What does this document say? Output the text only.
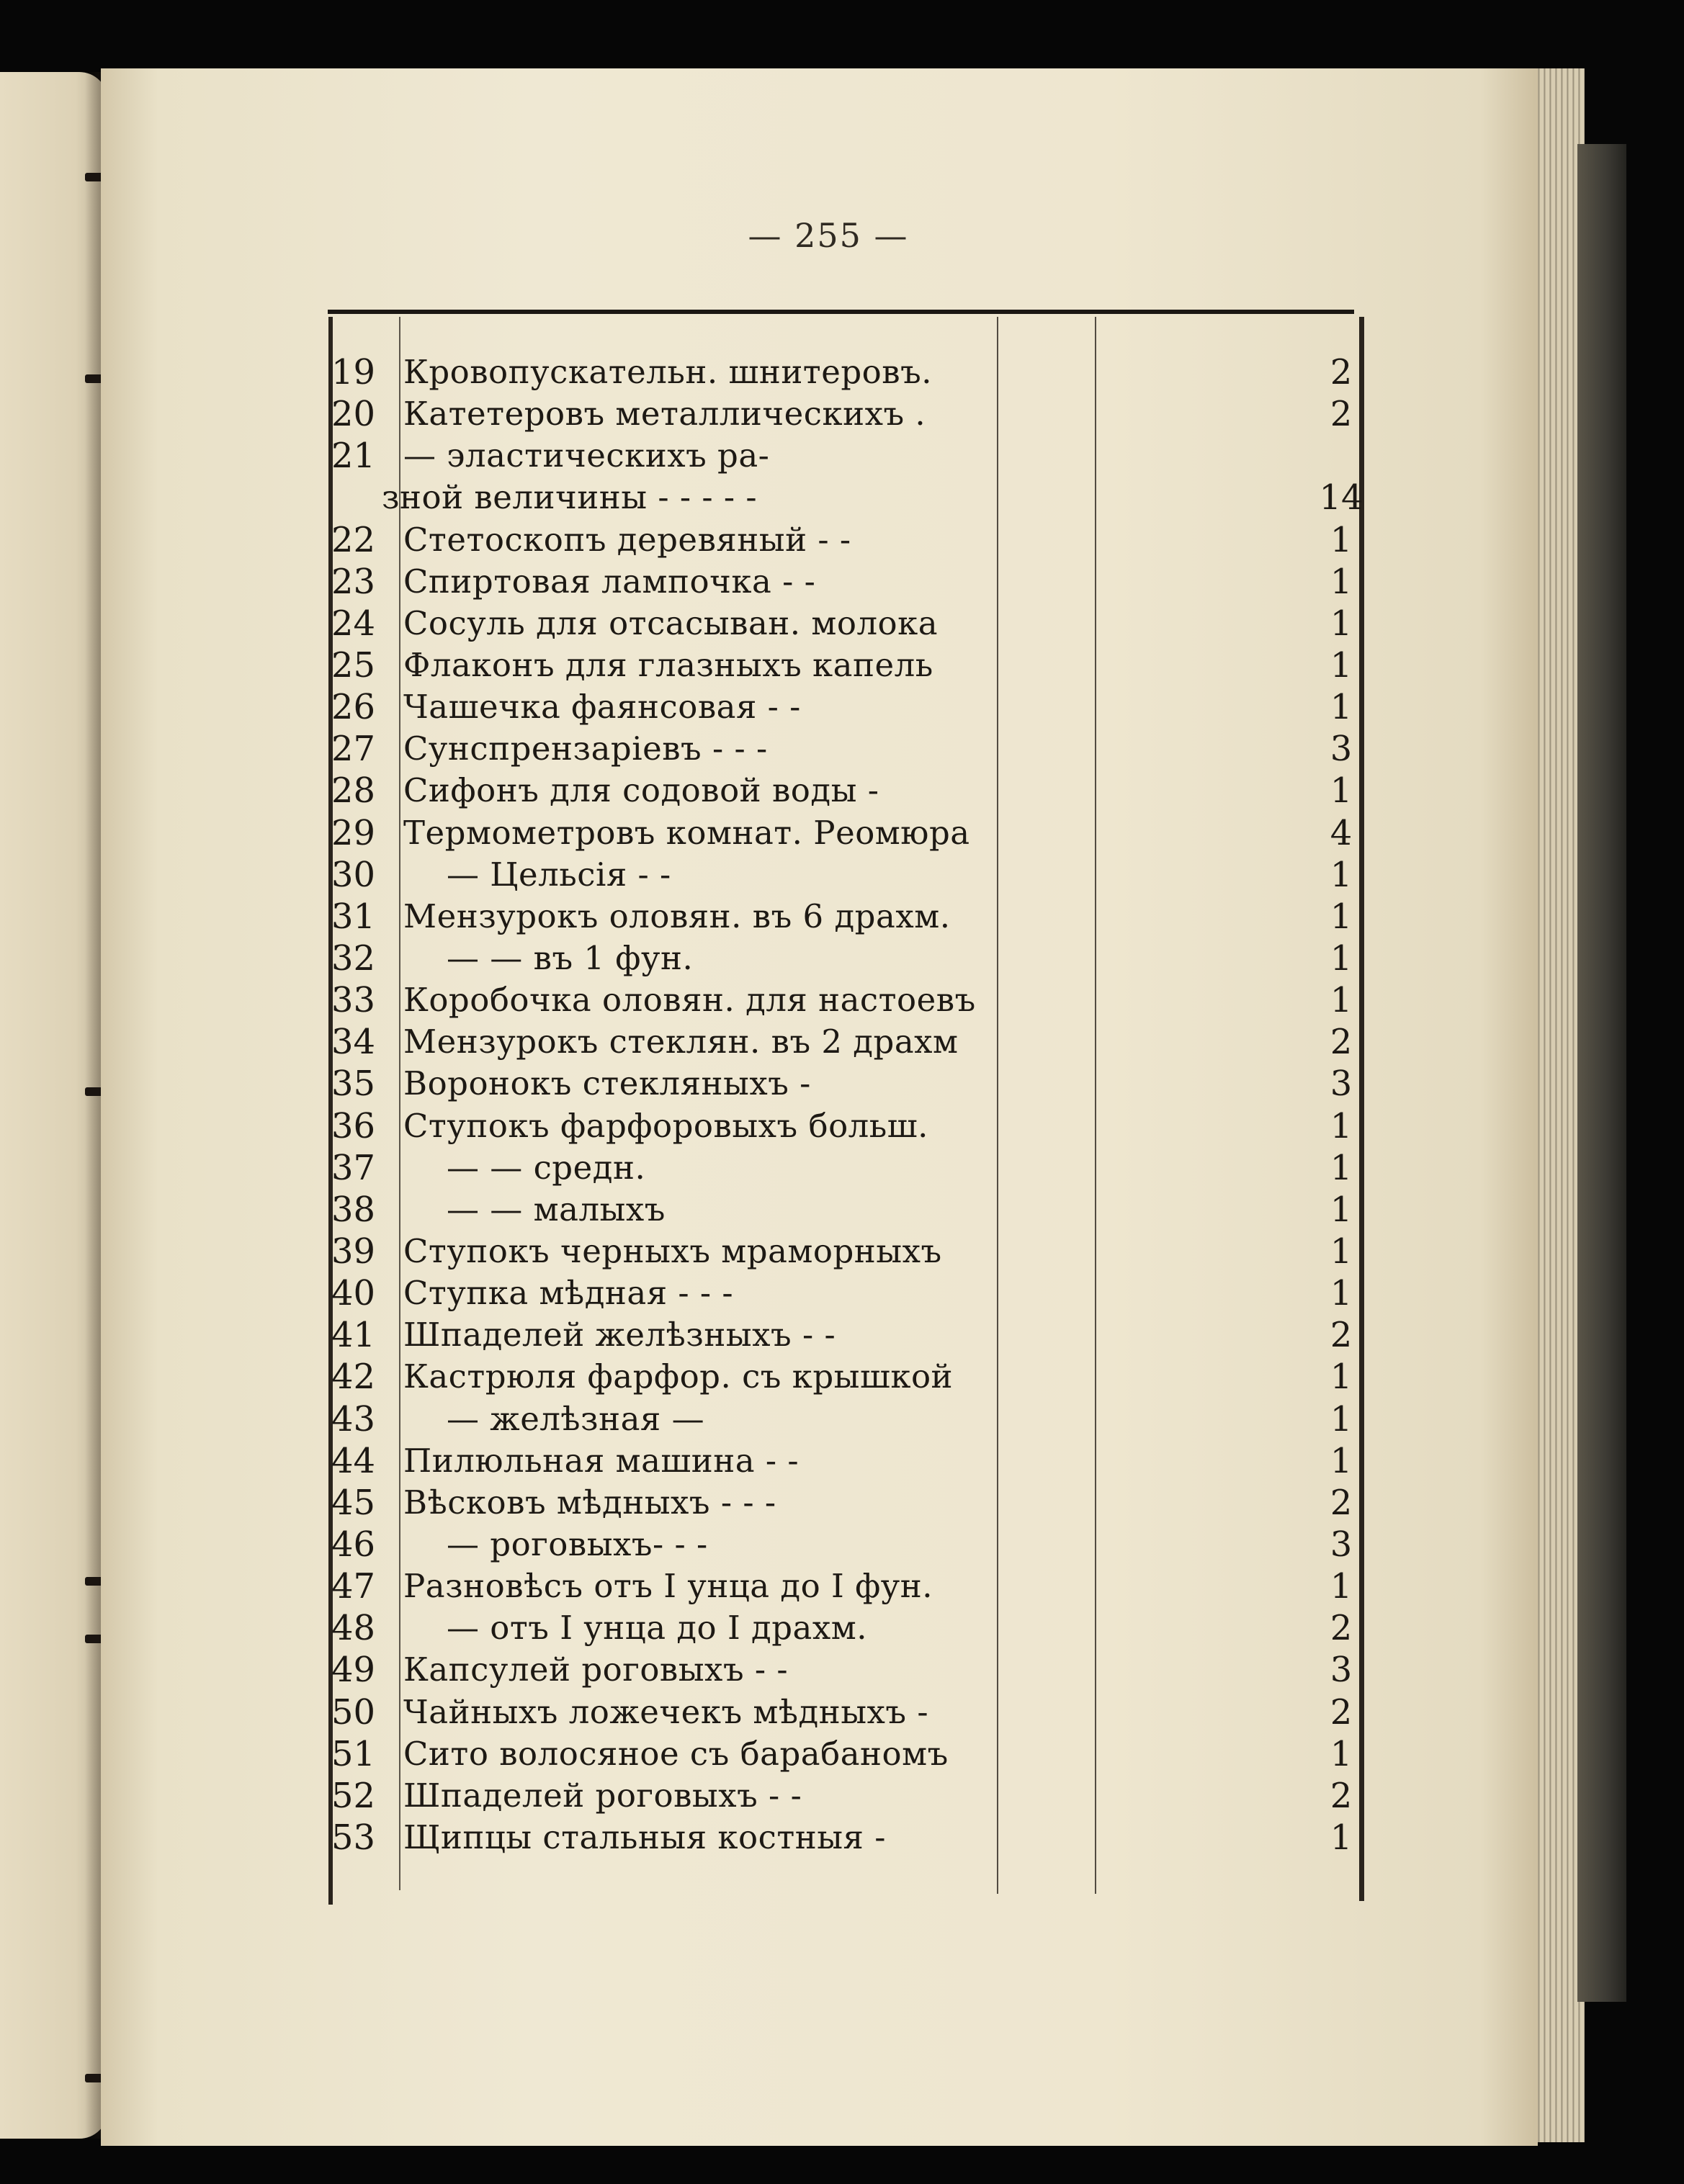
— 255 —
19 Кровопускательн. шнитеровъ.	2
20 Катетеровъ металлическихъ .	2
21 — эластическихъ ра-
зной величины - - - - -	14
22 Стетоскопъ деревяный - -	1
23 Спиртовая лампочка - -	1
24 Сосуль для отсасыван. молока	1
25 Флаконъ для глазныхъ капель	1
26 Чашечка фаянсовая - -	1
27 Сунспрензаріевъ - - -	3
28 Сифонъ для содовой воды -	1
29 Термометровъ комнат. Реомюра	4
30	— Цельсія - -	1
31 Мензурокъ оловян. въ 6 драхм.	1
32	— — въ 1 фун.	1
33 Коробочка оловян. для настоевъ	1
34 Мензурокъ стеклян. въ 2 драхм	2
35 Воронокъ стекляныхъ -	3
36 Ступокъ фарфоровыхъ больш.	1
37	— — средн.	1
38	— — малыхъ	1
39 Ступокъ черныхъ мраморныхъ	1
40 Ступка мѣдная - - -	1
41 Шпаделей желѣзныхъ - -	2
42 Кастрюля фарфор. съ крышкой	1
43	— желѣзная —	1
44 Пилюльная машина - -	1
45 Вѣсковъ мѣдныхъ - - -	2
46	— роговыхъ- - -	3
47 Разновѣсъ отъ I унца до I фун.	1
48	— отъ I унца до I драхм.	2
49 Капсулей роговыхъ - -	3
50 Чайныхъ ложечекъ мѣдныхъ -	2
51 Сито волосяное съ барабаномъ	1
52 Шпаделей роговыхъ - -	2
53 Щипцы стальныя костныя -	1
